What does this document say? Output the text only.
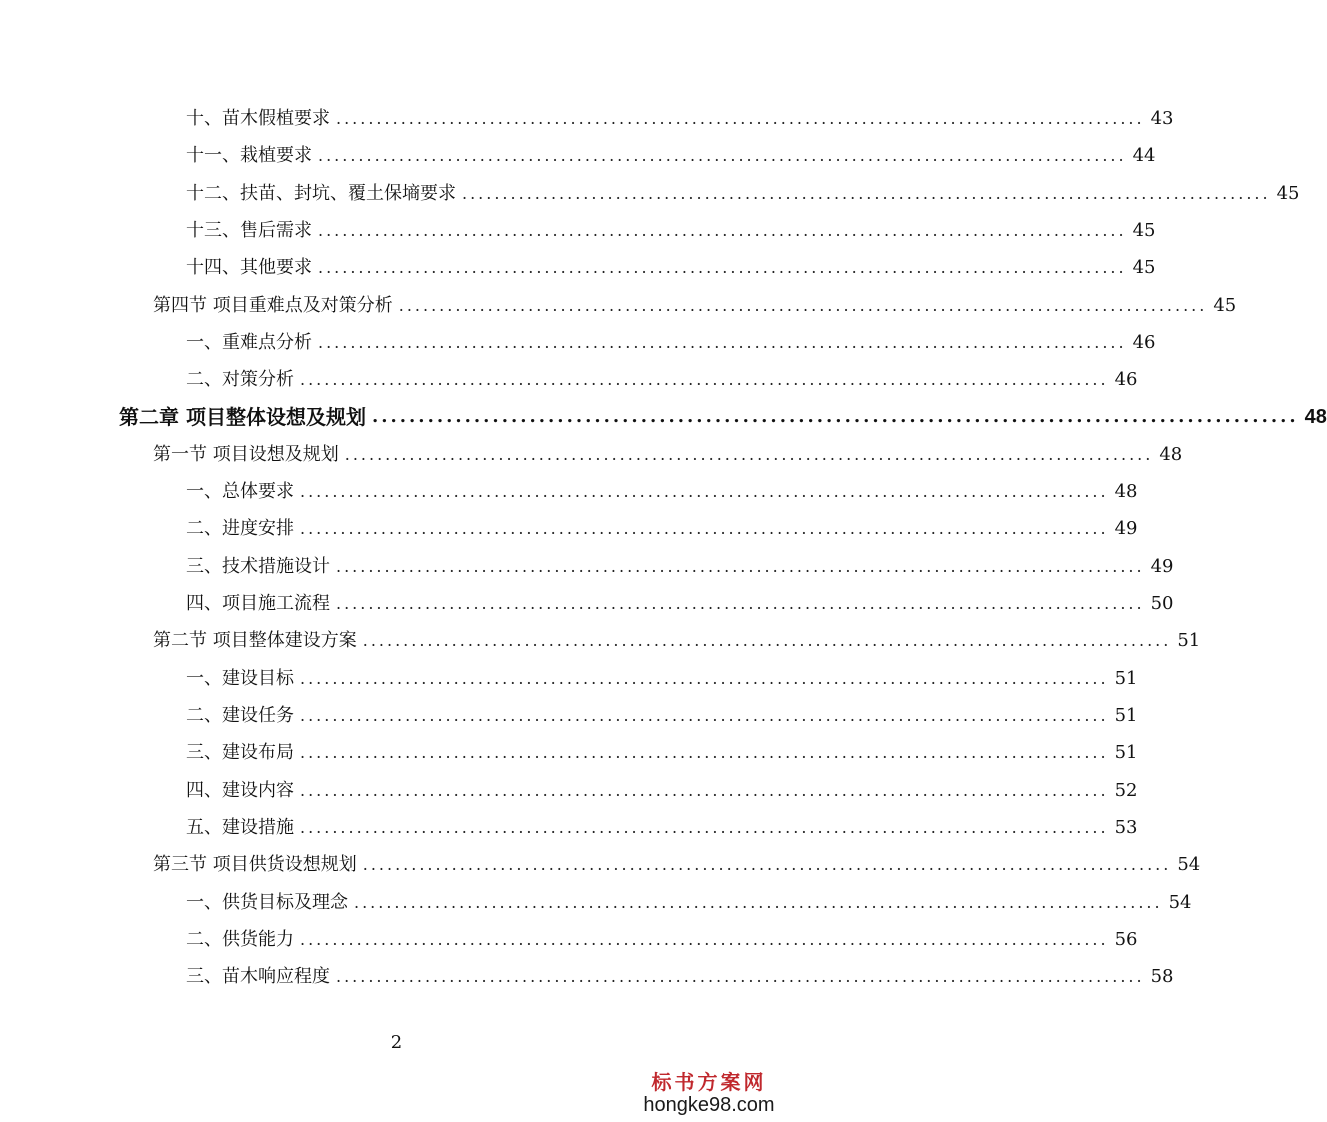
十、苗木假植要求 .................................................................................................... 43
十一、栽植要求 .................................................................................................... 44
十二、扶苗、封坑、覆土保墒要求 .................................................................................................... 45
十三、售后需求 .................................................................................................... 45
十四、其他要求 .................................................................................................... 45
第四节 项目重难点及对策分析 .................................................................................................... 45
一、重难点分析 .................................................................................................... 46
二、对策分析 .................................................................................................... 46
第二章 项目整体设想及规划 .................................................................................................... 48
第一节 项目设想及规划 .................................................................................................... 48
一、总体要求 .................................................................................................... 48
二、进度安排 .................................................................................................... 49
三、技术措施设计 .................................................................................................... 49
四、项目施工流程 .................................................................................................... 50
第二节 项目整体建设方案 .................................................................................................... 51
一、建设目标 .................................................................................................... 51
二、建设任务 .................................................................................................... 51
三、建设布局 .................................................................................................... 51
四、建设内容 .................................................................................................... 52
五、建设措施 .................................................................................................... 53
第三节 项目供货设想规划 .................................................................................................... 54
一、供货目标及理念 .................................................................................................... 54
二、供货能力 .................................................................................................... 56
三、苗木响应程度 .................................................................................................... 58
2
标书方案网
hongke98.com
